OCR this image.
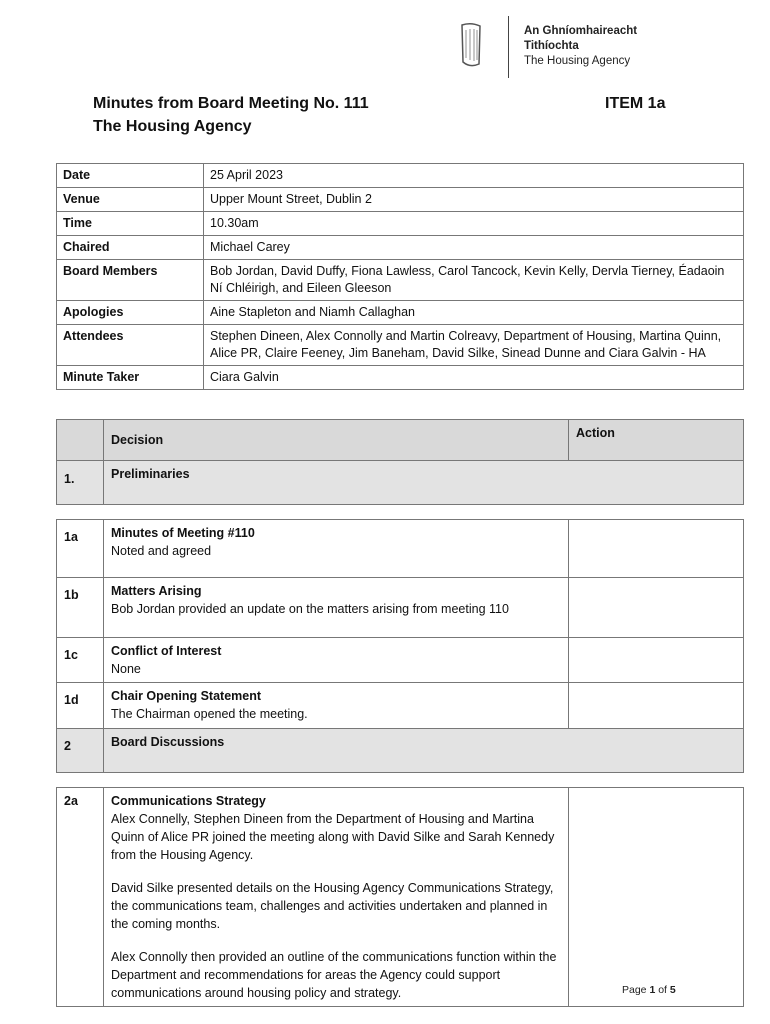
An Ghníomhaireacht
Tithíochta
The Housing Agency
Minutes from Board Meeting No. 111
The Housing Agency
ITEM 1a
Date	25 April 2023
Venue	Upper Mount Street, Dublin 2
Time	10.30am
Chaired	Michael Carey
Board Members	Bob Jordan, David Duffy, Fiona Lawless, Carol Tancock, Kevin Kelly, Dervla Tierney, Éadaoin Ní Chléirigh, and Eileen Gleeson
Apologies	Aine Stapleton and Niamh Callaghan
Attendees	Stephen Dineen, Alex Connolly and Martin Colreavy, Department of Housing, Martina Quinn, Alice PR, Claire Feeney, Jim Baneham, David Silke, Sinead Dunne and Ciara Galvin - HA
Minute Taker	Ciara Galvin
	Decision	Action
1.	Preliminaries	

1a	Minutes of Meeting #110
Noted and agreed	

1b	Matters Arising
Bob Jordan provided an update on the matters arising from meeting 110	

1c	Conflict of Interest
None	

1d	Chair Opening Statement
The Chairman opened the meeting.	

2	Board Discussions	

2a	Communications Strategy
Alex Connelly, Stephen Dineen from the Department of Housing and Martina Quinn of Alice PR joined the meeting along with David Silke and Sarah Kennedy from the Housing Agency.
David Silke presented details on the Housing Agency Communications Strategy, the communications team, challenges and activities undertaken and planned in the coming months.
Alex Connolly then provided an outline of the communications function within the Department and recommendations for areas the Agency could support communications around housing policy and strategy.	
		Page 1 of 5
